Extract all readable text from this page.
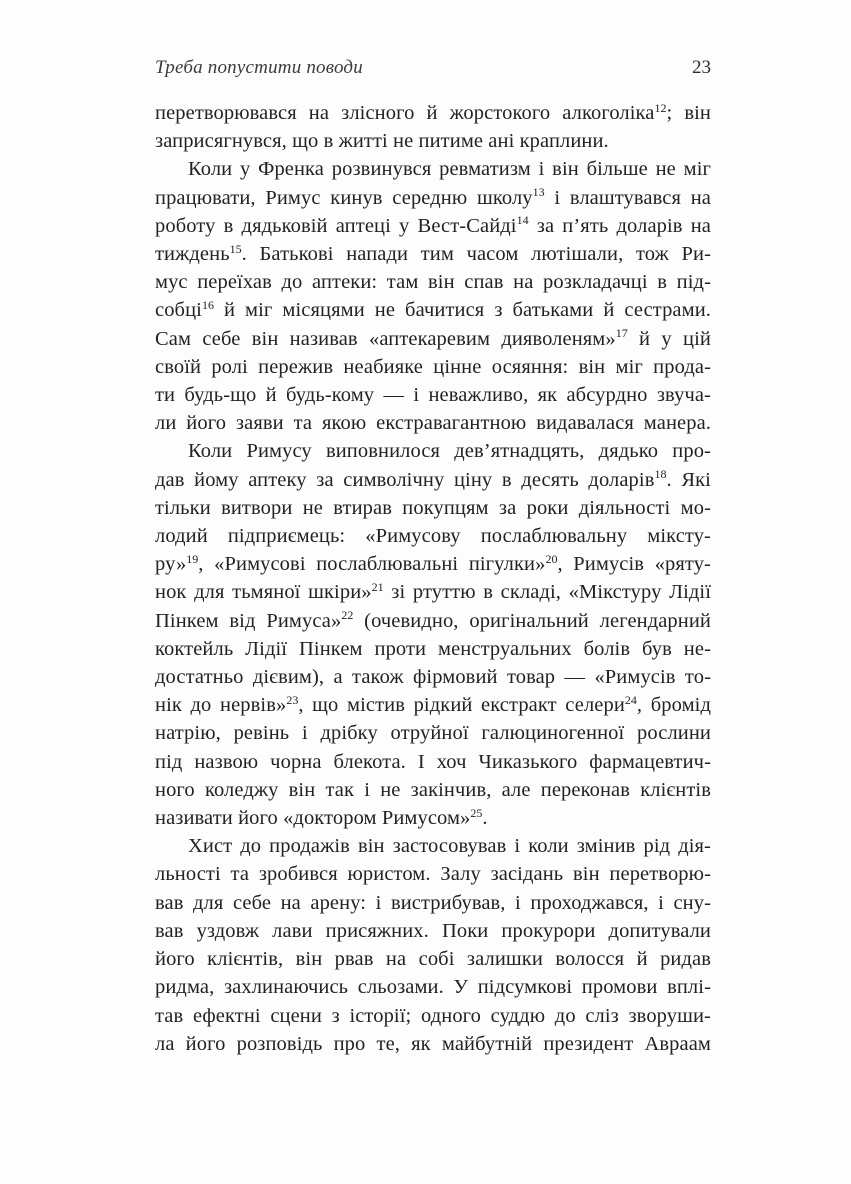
Треба попустити поводи	23
перетворювався на злісного й жорстокого алкоголіка$^{12}$; він
заприсягнувся, що в житті не питиме ані краплини.
Коли у Френка розвинувся ревматизм і він більше не міг
працювати, Римус кинув середню школу$^{13}$ і влаштувався на
роботу в дядьковій аптеці у Вест-Сайді$^{14}$ за п’ять доларів на
тиждень$^{15}$. Батькові напади тим часом лютішали, тож Ри-
мус переїхав до аптеки: там він спав на розкладачці в під-
собці$^{16}$ й міг місяцями не бачитися з батьками й сестрами.
Сам себе він називав «аптекаревим дияволеням»$^{17}$ й у цій
своїй ролі пережив неабияке цінне осяяння: він міг прода-
ти будь-що й будь-кому — і неважливо, як абсурдно звуча-
ли його заяви та якою екстравагантною видавалася манера.
Коли Римусу виповнилося дев’ятнадцять, дядько про-
дав йому аптеку за символічну ціну в десять доларів$^{18}$. Які
тільки витвори не втирав покупцям за роки діяльності мо-
лодий підприємець: «Римусову послаблювальну міксту-
ру»$^{19}$, «Римусові послаблювальні пігулки»$^{20}$, Римусів «ряту-
нок для тьмяної шкіри»$^{21}$ зі ртуттю в складі, «Мікстуру Лідії
Пінкем від Римуса»$^{22}$ (очевидно, оригінальний легендарний
коктейль Лідії Пінкем проти менструальних болів був не-
достатньо дієвим), а також фірмовий товар — «Римусів то-
нік до нервів»$^{23}$, що містив рідкий екстракт селери$^{24}$, бромід
натрію, ревінь і дрібку отруйної галюциногенної рослини
під назвою чорна блекота. І хоч Чиказького фармацевтич-
ного коледжу він так і не закінчив, але переконав клієнтів
називати його «доктором Римусом»$^{25}$.
Хист до продажів він застосовував і коли змінив рід дія-
льності та зробився юристом. Залу засідань він перетворю-
вав для себе на арену: і вистрибував, і проходжався, і сну-
вав уздовж лави присяжних. Поки прокурори допитували
його клієнтів, він рвав на собі залишки волосся й ридав
ридма, захлинаючись сльозами. У підсумкові промови вплі-
тав ефектні сцени з історії; одного суддю до сліз зворуши-
ла його розповідь про те, як майбутній президент Авраам
